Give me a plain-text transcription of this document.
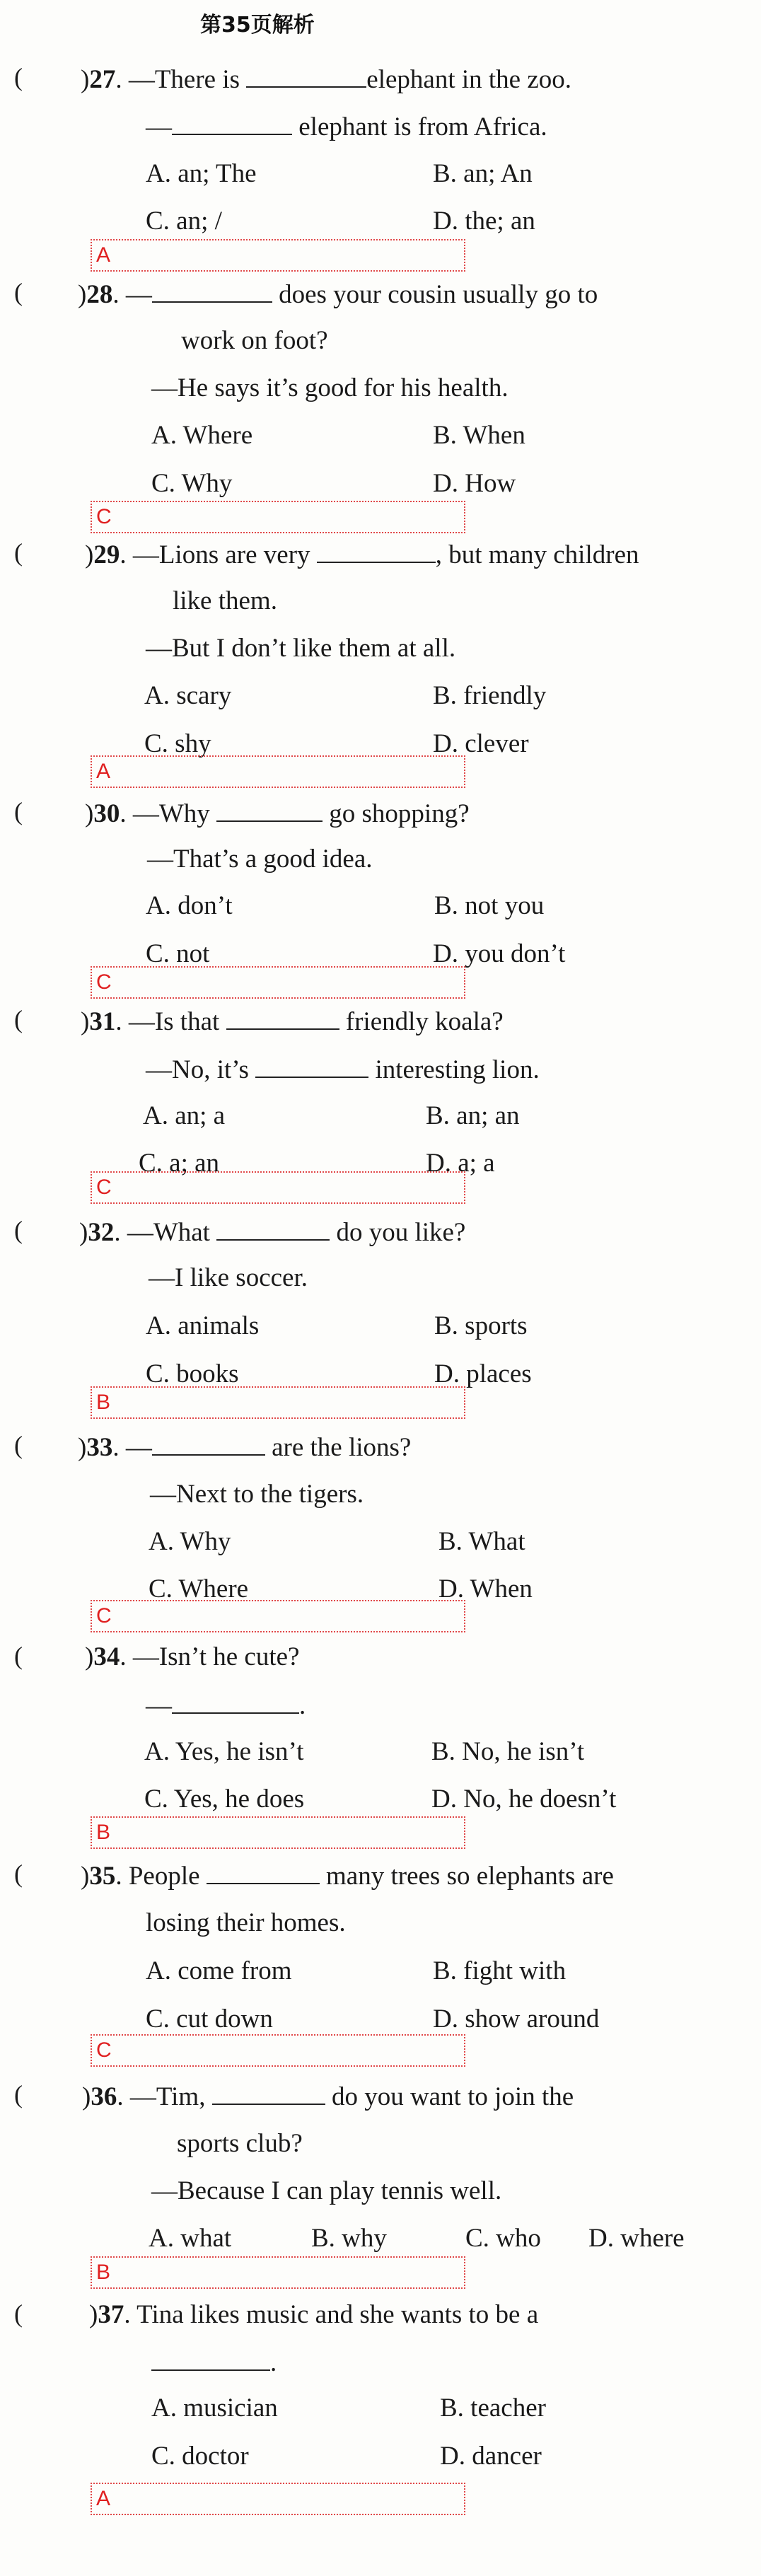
第35页解析
( )27. —There is	elephant in the zoo.
—	elephant is from Africa.
A. an; The	B. an; An
C. an; /	D. the; an
A
( )28. —	does your cousin usually go to
work on foot?
—He says it’s good for his health.
A. Where	B. When
C. Why	D. How
C
( )29. —Lions are very	, but many children
like them.
—But I don’t like them at all.
A. scary	B. friendly
C. shy	D. clever
A
( )30. —Why	go shopping?
—That’s a good idea.
A. don’t	B. not you
C. not	D. you don’t
C
( )31. —Is that	friendly koala?
—No, it’s	interesting lion.
A. an; a	B. an; an
C. a; an	D. a; a
C
( )32. —What	do you like?
—I like soccer.
A. animals	B. sports
C. books	D. places
B
( )33. —	are the lions?
—Next to the tigers.
A. Why	B. What
C. Where	D. When
C
( )34. —Isn’t he cute?
—	.
A. Yes, he isn’t	B. No, he isn’t
C. Yes, he does	D. No, he doesn’t
B
( )35. People	many trees so elephants are
losing their homes.
A. come from	B. fight with
C. cut down	D. show around
C
( )36. —Tim,	do you want to join the
sports club?
—Because I can play tennis well.
A. what	B. why	C. who D. where
B
(	)37. Tina likes music and she wants to be a
.
A. musician	B. teacher
C. doctor	D. dancer
A
